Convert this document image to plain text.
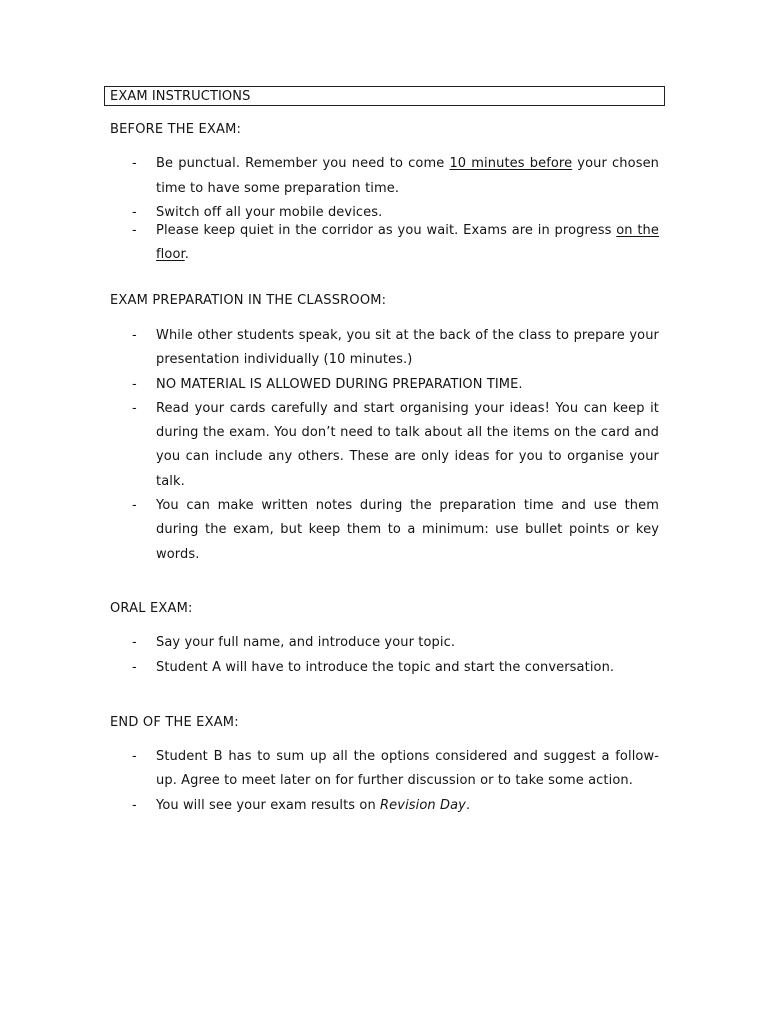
EXAM INSTRUCTIONS
BEFORE THE EXAM:
- Be punctual. Remember you need to come 10 minutes before your chosen time to have some preparation time.
- Switch off all your mobile devices.
- Please keep quiet in the corridor as you wait. Exams are in progress on the floor.
EXAM PREPARATION IN THE CLASSROOM:
- While other students speak, you sit at the back of the class to prepare your presentation individually (10 minutes.)
- NO MATERIAL IS ALLOWED DURING PREPARATION TIME.
- Read your cards carefully and start organising your ideas! You can keep it during the exam. You don’t need to talk about all the items on the card and you can include any others. These are only ideas for you to organise your talk.
- You can make written notes during the preparation time and use them during the exam, but keep them to a minimum: use bullet points or key words.
ORAL EXAM:
- Say your full name, and introduce your topic.
- Student A will have to introduce the topic and start the conversation.
END OF THE EXAM:
- Student B has to sum up all the options considered and suggest a follow-up. Agree to meet later on for further discussion or to take some action.
- You will see your exam results on Revision Day.
